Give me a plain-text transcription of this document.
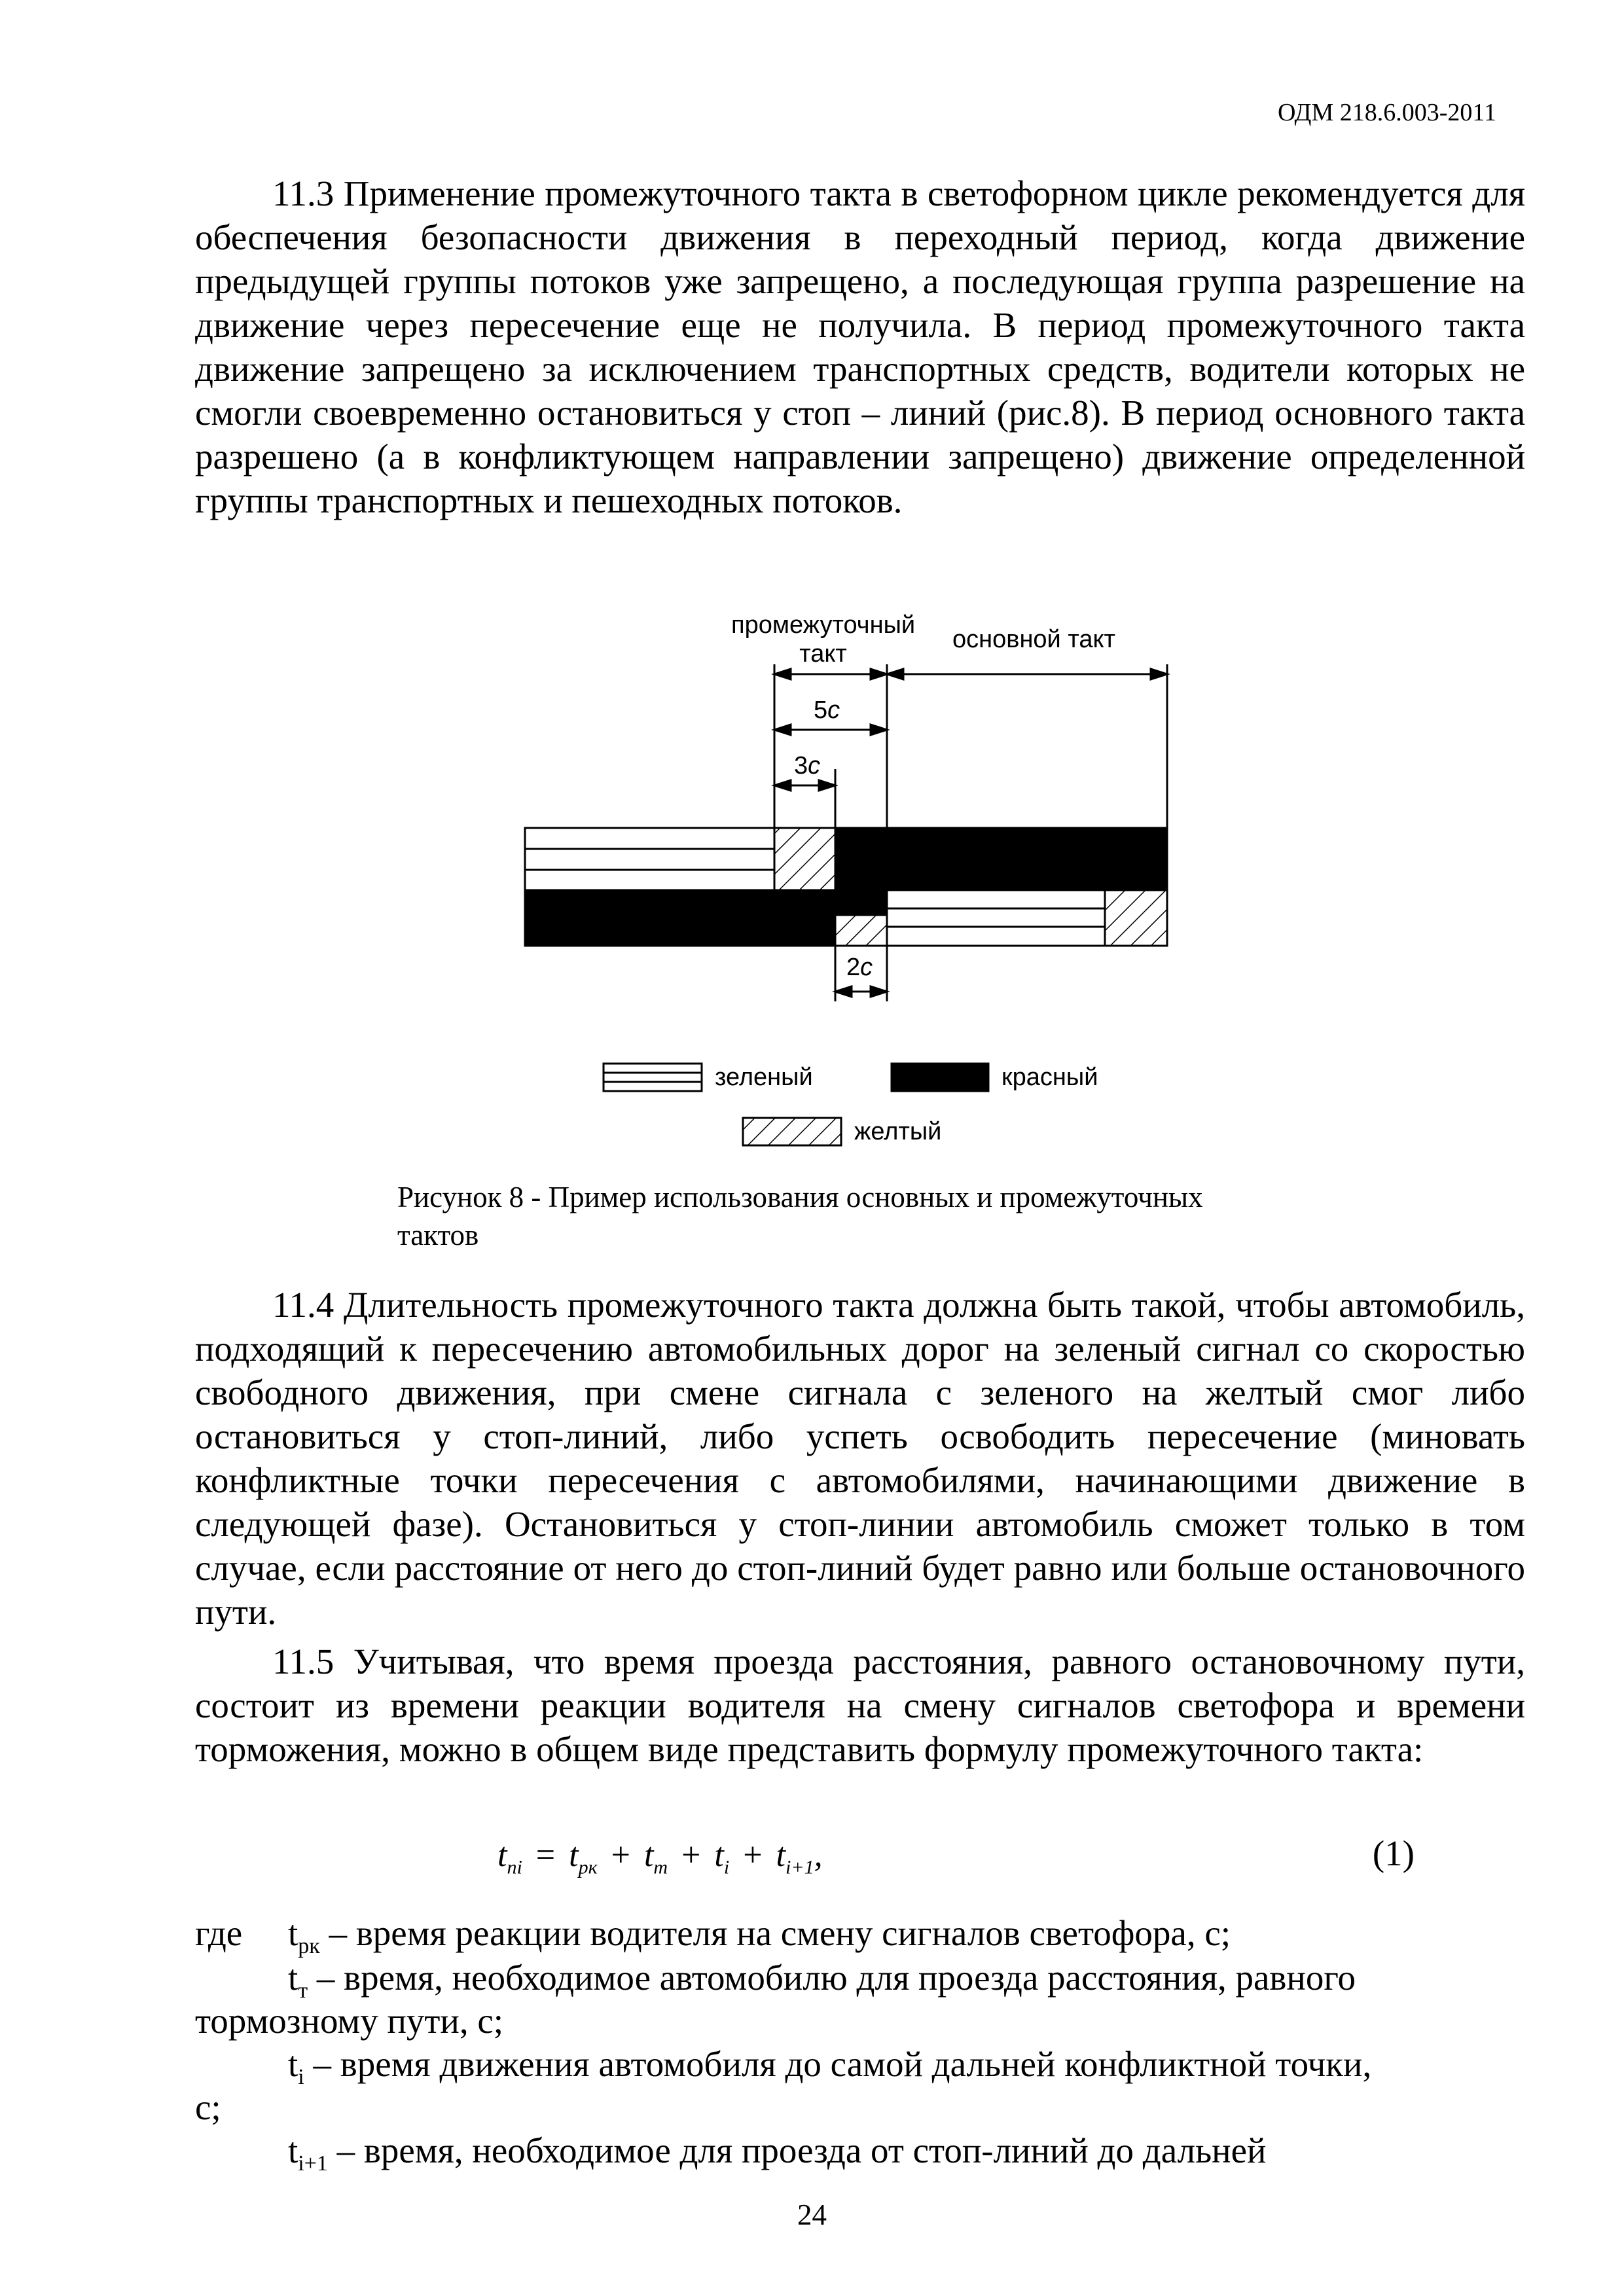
ОДМ 218.6.003-2011

11.3 Применение промежуточного такта в светофорном цикле рекомендуется для обеспечения безопасности движения в переходный период, когда движение предыдущей группы потоков уже запрещено, а последующая группа разрешение на движение через пересечение еще не получила. В период промежуточного такта движение запрещено за исключением транспортных средств, водители которых не смогли своевременно остановиться у стоп – линий (рис.8). В период основного такта разрешено (а в конфликтующем направлении запрещено) движение определенной группы транспортных и пешеходных потоков.

промежуточный
такт
основной такт
5с
3с
2с
зеленый	красный
желтый
Рисунок 8 - Пример использования основных и промежуточных
тактов

11.4 Длительность промежуточного такта должна быть такой, чтобы автомобиль, подходящий к пересечению автомобильных дорог на зеленый сигнал со скоростью свободного движения, при смене сигнала с зеленого на желтый смог либо остановиться у стоп-линий, либо успеть освободить пересечение (миновать конфликтные точки пересечения с автомобилями, начинающими движение в следующей фазе). Остановиться у стоп-линии автомобиль сможет только в том случае, если расстояние от него до стоп-линий будет равно или больше остановочного пути.

11.5 Учитывая, что время проезда расстояния, равного остановочному пути, состоит из времени реакции водителя на смену сигналов светофора и времени торможения, можно в общем виде представить формулу промежуточного такта:

$t_{пi} = t_{рк} + t_т + t_i + t_{i+1}$,	(1)
где $t_{рк}$ – время реакции водителя на смену сигналов светофора, с;
$t_т$ – время, необходимое автомобилю для проезда расстояния, равного
тормозному пути, с;
$t_i$ – время движения автомобиля до самой дальней конфликтной точки,
с;
$t_{i+1}$ – время, необходимое для проезда от стоп-линий до дальней
24
